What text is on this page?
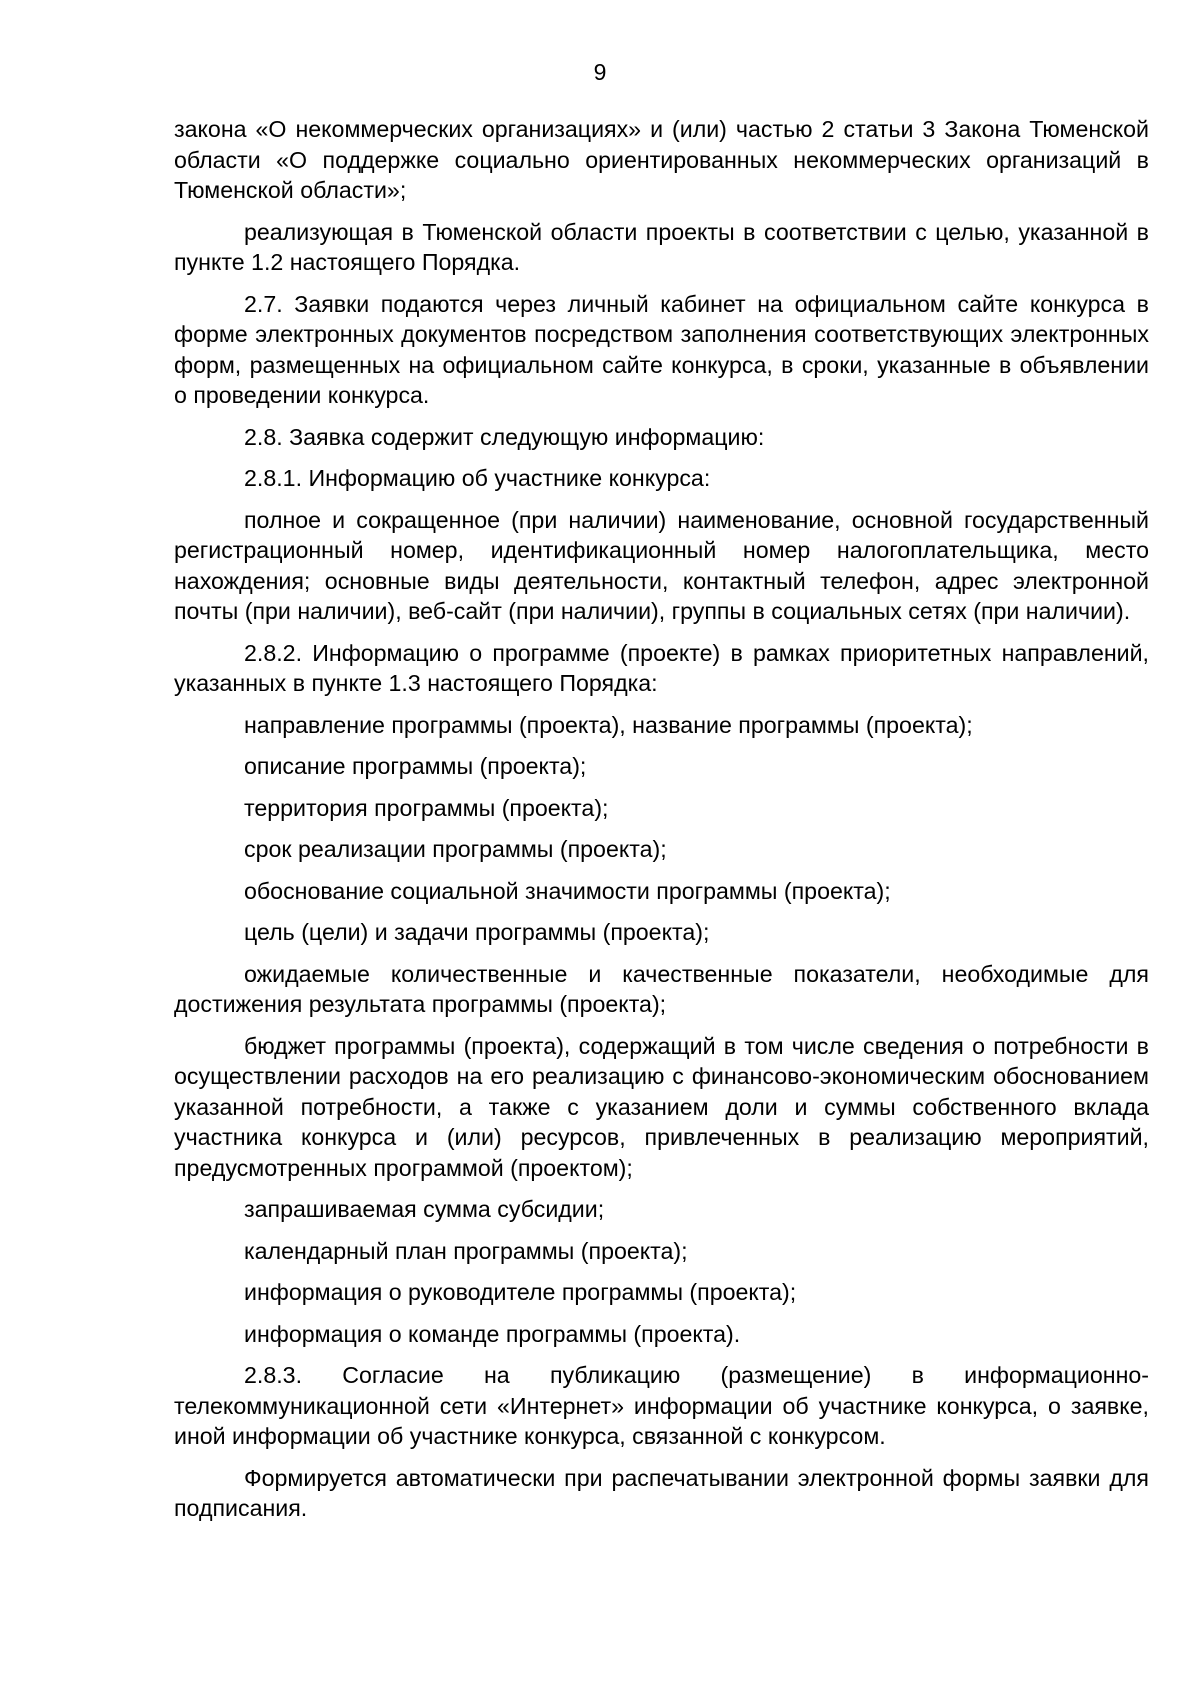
9

закона «О некоммерческих организациях» и (или) частью 2 статьи 3 Закона Тюменской области «О поддержке социально ориентированных некоммерческих организаций в Тюменской области»;

реализующая в Тюменской области проекты в соответствии с целью, указанной в пункте 1.2 настоящего Порядка.

2.7. Заявки подаются через личный кабинет на официальном сайте конкурса в форме электронных документов посредством заполнения соответствующих электронных форм, размещенных на официальном сайте конкурса, в сроки, указанные в объявлении о проведении конкурса.

2.8. Заявка содержит следующую информацию:

2.8.1. Информацию об участнике конкурса:

полное и сокращенное (при наличии) наименование, основной государственный регистрационный номер, идентификационный номер налогоплательщика, место нахождения; основные виды деятельности, контактный телефон, адрес электронной почты (при наличии), веб-сайт (при наличии), группы в социальных сетях (при наличии).

2.8.2. Информацию о программе (проекте) в рамках приоритетных направлений, указанных в пункте 1.3 настоящего Порядка:

направление программы (проекта), название программы (проекта);

описание программы (проекта);

территория программы (проекта);

срок реализации программы (проекта);

обоснование социальной значимости программы (проекта);

цель (цели) и задачи программы (проекта);

ожидаемые количественные и качественные показатели, необходимые для достижения результата программы (проекта);

бюджет программы (проекта), содержащий в том числе сведения о потребности в осуществлении расходов на его реализацию с финансово-экономическим обоснованием указанной потребности, а также с указанием доли и суммы собственного вклада участника конкурса и (или) ресурсов, привлеченных в реализацию мероприятий, предусмотренных программой (проектом);

запрашиваемая сумма субсидии;

календарный план программы (проекта);

информация о руководителе программы (проекта);

информация о команде программы (проекта).

2.8.3. Согласие на публикацию (размещение) в информационно-телекоммуникационной сети «Интернет» информации об участнике конкурса, о заявке, иной информации об участнике конкурса, связанной с конкурсом.

Формируется автоматически при распечатывании электронной формы заявки для подписания.
